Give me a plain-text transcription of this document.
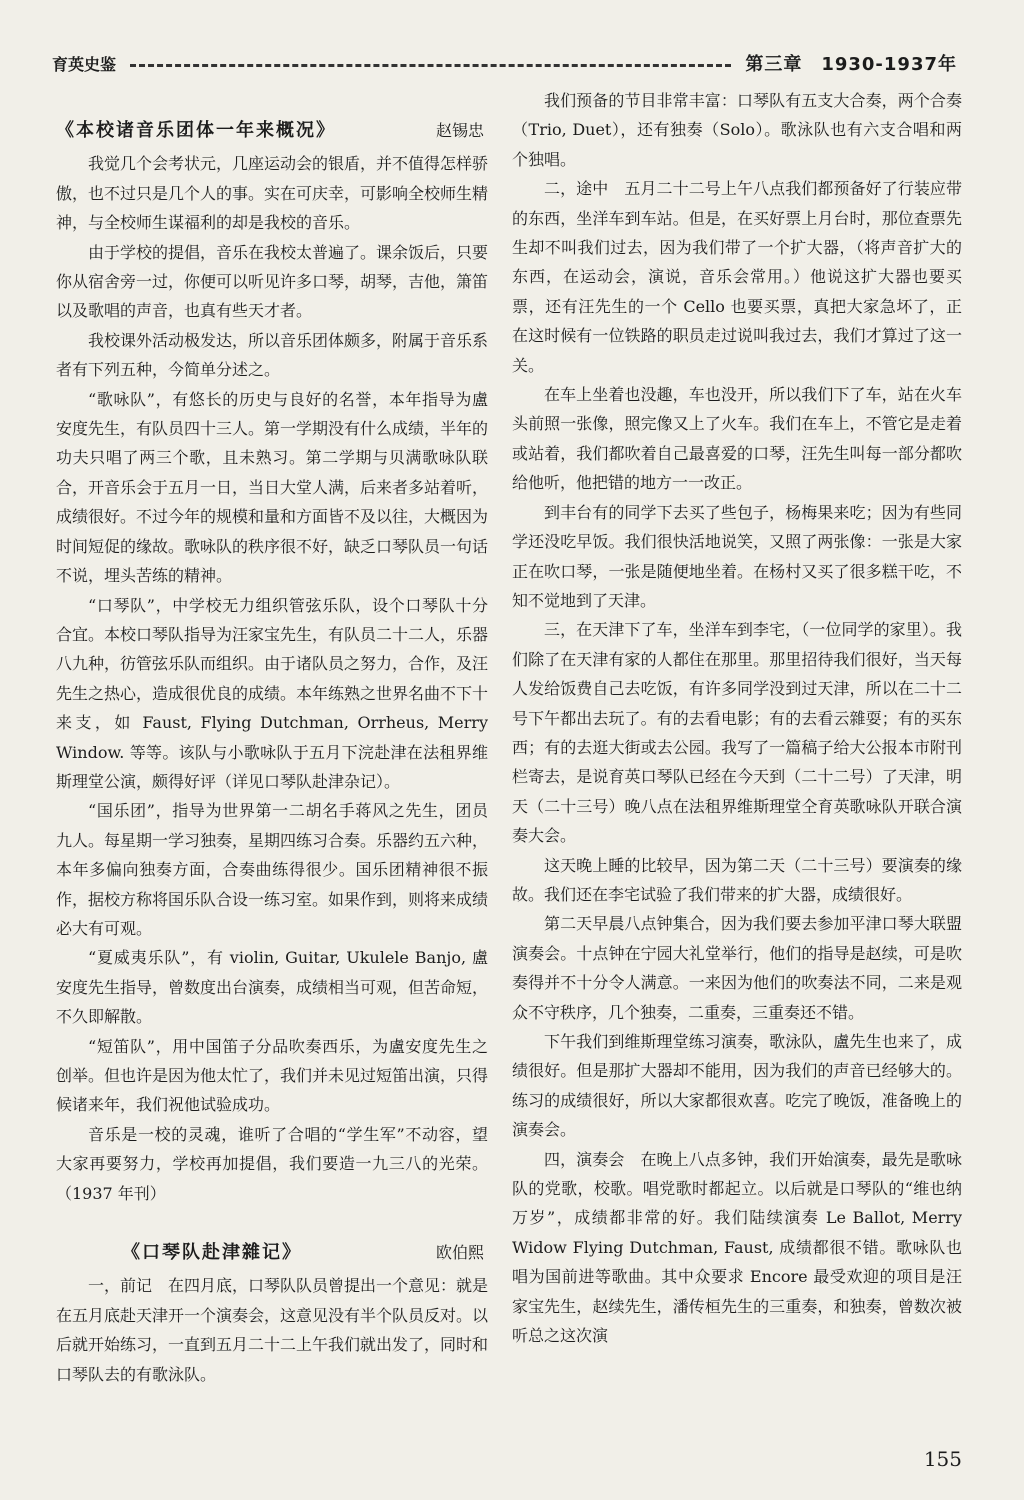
育英史鉴	第三章　1930-1937年
《本校诸音乐团体一年来概况》	赵锡忠

我觉几个会考状元，几座运动会的银盾，并不值得怎样骄傲，也不过只是几个人的事。实在可庆幸，可影响全校师生精神，与全校师生谋福利的却是我校的音乐。

由于学校的提倡，音乐在我校太普遍了。课余饭后，只要你从宿舍旁一过，你便可以听见许多口琴，胡琴，吉他，箫笛以及歌唱的声音，也真有些天才者。

我校课外活动极发达，所以音乐团体颇多，附属于音乐系者有下列五种，今简单分述之。

“歌咏队”，有悠长的历史与良好的名誉，本年指导为盧安度先生，有队员四十三人。第一学期没有什么成绩，半年的功夫只唱了两三个歌，且未熟习。第二学期与贝满歌咏队联合，开音乐会于五月一日，当日大堂人满，后来者多站着听，成绩很好。不过今年的规模和量和方面皆不及以往，大概因为时间短促的缘故。歌咏队的秩序很不好，缺乏口琴队员一句话不说，埋头苦练的精神。

“口琴队”，中学校无力组织管弦乐队，设个口琴队十分合宜。本校口琴队指导为汪家宝先生，有队员二十二人，乐器八九种，彷管弦乐队而组织。由于诸队员之努力，合作，及汪先生之热心，造成很优良的成绩。本年练熟之世界名曲不下十来支，如 Faust, Flying Dutchman, Orrheus, Merry Window. 等等。该队与小歌咏队于五月下浣赴津在法租界维斯理堂公演，颇得好评（详见口琴队赴津杂记）。

“国乐团”，指导为世界第一二胡名手蒋风之先生，团员九人。每星期一学习独奏，星期四练习合奏。乐器约五六种，本年多偏向独奏方面，合奏曲练得很少。国乐团精神很不振作，据校方称将国乐队合设一练习室。如果作到，则将来成绩必大有可观。

“夏威夷乐队”，有 violin, Guitar, Ukulele Banjo, 盧安度先生指导，曾数度出台演奏，成绩相当可观，但苦命短，不久即解散。

“短笛队”，用中国笛子分品吹奏西乐，为盧安度先生之创举。但也许是因为他太忙了，我们并未见过短笛出演，只得候诸来年，我们祝他试验成功。

音乐是一校的灵魂，谁听了合唱的“学生军”不动容，望大家再要努力，学校再加提倡，我们要造一九三八的光荣。（1937 年刊）

《口琴队赴津雜记》	欧伯熙

一，前记　在四月底，口琴队队员曾提出一个意见：就是在五月底赴天津开一个演奏会，这意见没有半个队员反对。以后就开始练习，一直到五月二十二上午我们就出发了，同时和口琴队去的有歌泳队。

我们预备的节目非常丰富：口琴队有五支大合奏，两个合奏（Trio, Duet），还有独奏（Solo）。歌泳队也有六支合唱和两个独唱。

二，途中　五月二十二号上午八点我们都预备好了行装应带的东西，坐洋车到车站。但是，在买好票上月台时，那位查票先生却不叫我们过去，因为我们带了一个扩大器，（将声音扩大的东西，在运动会，演说，音乐会常用。）他说这扩大器也要买票，还有汪先生的一个 Cello 也要买票，真把大家急坏了，正在这时候有一位铁路的职员走过说叫我过去，我们才算过了这一关。

在车上坐着也没趣，车也没开，所以我们下了车，站在火车头前照一张像，照完像又上了火车。我们在车上，不管它是走着或站着，我们都吹着自己最喜爱的口琴，汪先生叫每一部分都吹给他听，他把错的地方一一改正。

到丰台有的同学下去买了些包子，杨梅果来吃；因为有些同学还没吃早饭。我们很快活地说笑，又照了两张像：一张是大家正在吹口琴，一张是随便地坐着。在杨村又买了很多糕干吃，不知不觉地到了天津。

三，在天津下了车，坐洋车到李宅，（一位同学的家里）。我们除了在天津有家的人都住在那里。那里招待我们很好，当天每人发给饭费自己去吃饭，有许多同学没到过天津，所以在二十二号下午都出去玩了。有的去看电影；有的去看云雜耍；有的买东西；有的去逛大街或去公园。我写了一篇稿子给大公报本市附刊栏寄去，是说育英口琴队已经在今天到（二十二号）了天津，明天（二十三号）晚八点在法租界维斯理堂仝育英歌咏队开联合演奏大会。

这天晚上睡的比较早，因为第二天（二十三号）要演奏的缘故。我们还在李宅试验了我们带来的扩大器，成绩很好。

第二天早晨八点钟集合，因为我们要去参加平津口琴大联盟演奏会。十点钟在宁园大礼堂举行，他们的指导是赵续，可是吹奏得并不十分令人满意。一来因为他们的吹奏法不同，二来是观众不守秩序，几个独奏，二重奏，三重奏还不错。

下午我们到维斯理堂练习演奏，歌泳队，盧先生也来了，成绩很好。但是那扩大器却不能用，因为我们的声音已经够大的。练习的成绩很好，所以大家都很欢喜。吃完了晚饭，准备晚上的演奏会。

四，演奏会　在晚上八点多钟，我们开始演奏，最先是歌咏队的党歌，校歌。唱党歌时都起立。以后就是口琴队的“维也纳万岁”，成绩都非常的好。我们陆续演奏 Le Ballot, Merry Widow Flying Dutchman, Faust, 成绩都很不错。歌咏队也唱为国前进等歌曲。其中众要求 Encore 最受欢迎的项目是汪家宝先生，赵续先生，潘传桓先生的三重奏，和独奏，曾数次被听总之这次演

155
